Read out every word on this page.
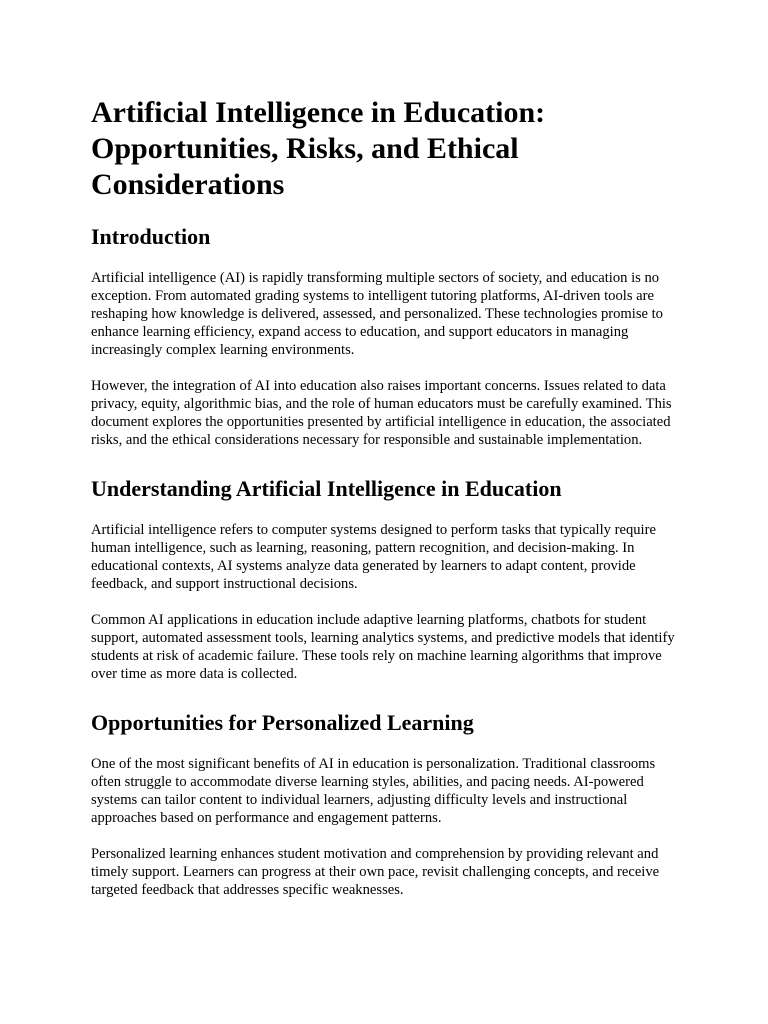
Artificial Intelligence in Education: Opportunities, Risks, and Ethical Considerations
Introduction

Artificial intelligence (AI) is rapidly transforming multiple sectors of society, and education is no exception. From automated grading systems to intelligent tutoring platforms, AI-driven tools are reshaping how knowledge is delivered, assessed, and personalized. These technologies promise to enhance learning efficiency, expand access to education, and support educators in managing increasingly complex learning environments.

However, the integration of AI into education also raises important concerns. Issues related to data privacy, equity, algorithmic bias, and the role of human educators must be carefully examined. This document explores the opportunities presented by artificial intelligence in education, the associated risks, and the ethical considerations necessary for responsible and sustainable implementation.

Understanding Artificial Intelligence in Education

Artificial intelligence refers to computer systems designed to perform tasks that typically require human intelligence, such as learning, reasoning, pattern recognition, and decision-making. In educational contexts, AI systems analyze data generated by learners to adapt content, provide feedback, and support instructional decisions.

Common AI applications in education include adaptive learning platforms, chatbots for student support, automated assessment tools, learning analytics systems, and predictive models that identify students at risk of academic failure. These tools rely on machine learning algorithms that improve over time as more data is collected.

Opportunities for Personalized Learning

One of the most significant benefits of AI in education is personalization. Traditional classrooms often struggle to accommodate diverse learning styles, abilities, and pacing needs. AI-powered systems can tailor content to individual learners, adjusting difficulty levels and instructional approaches based on performance and engagement patterns.

Personalized learning enhances student motivation and comprehension by providing relevant and timely support. Learners can progress at their own pace, revisit challenging concepts, and receive targeted feedback that addresses specific weaknesses.
